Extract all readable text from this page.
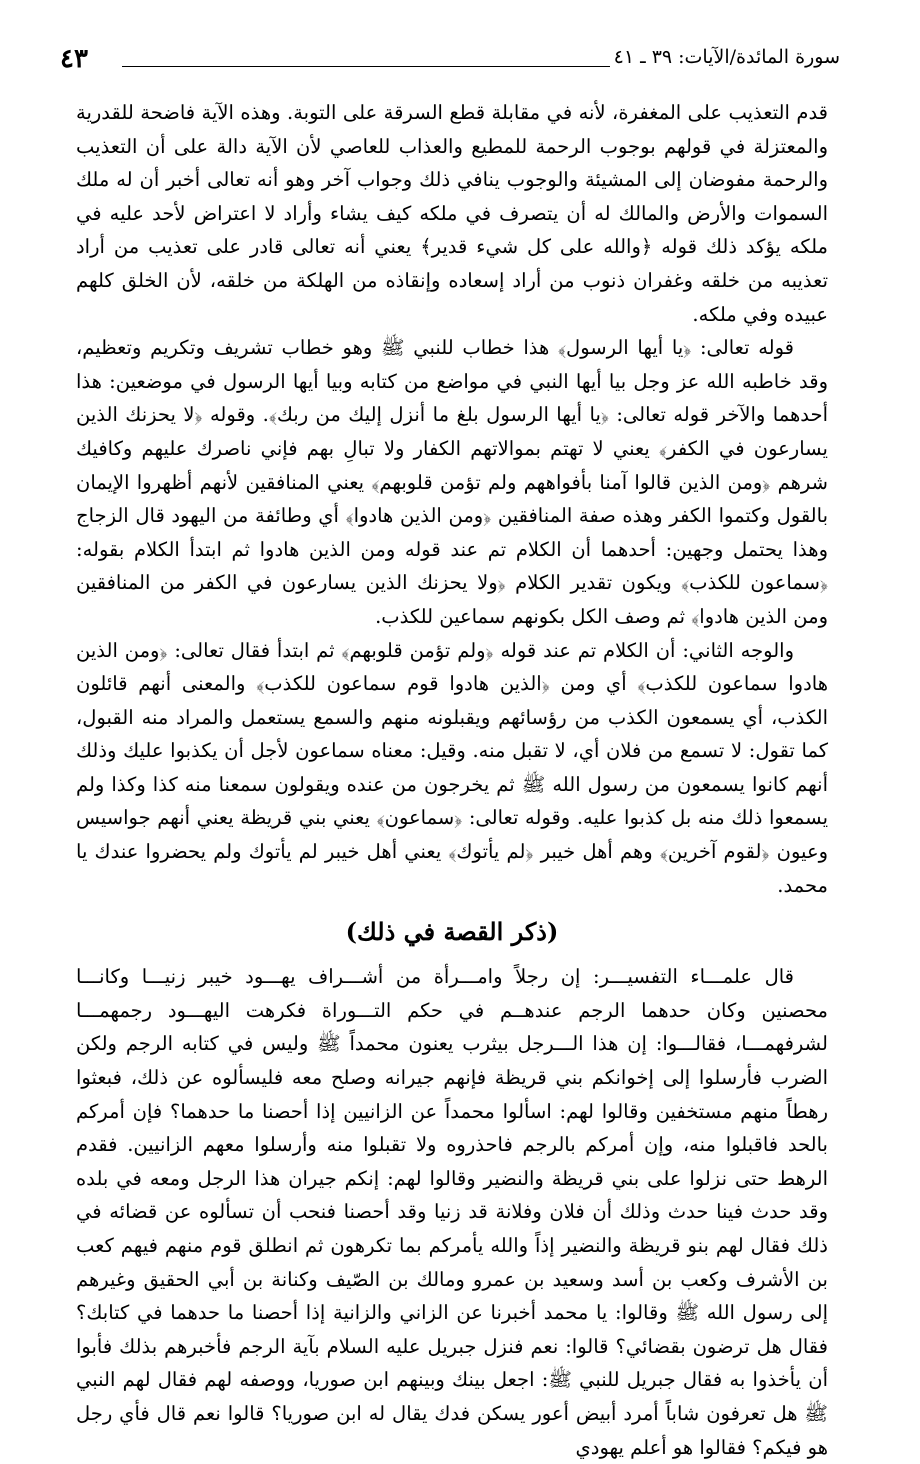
سورة المائدة/الآيات: ٣٩ ـ ٤١
٤٣

قدم التعذيب على المغفرة، لأنه في مقابلة قطع السرقة على التوبة. وهذه الآية فاضحة للقدرية والمعتزلة في قولهم بوجوب الرحمة للمطيع والعذاب للعاصي لأن الآية دالة على أن التعذيب والرحمة مفوضان إلى المشيئة والوجوب ينافي ذلك وجواب آخر وهو أنه تعالى أخبر أن له ملك السموات والأرض والمالك له أن يتصرف في ملكه كيف يشاء وأراد لا اعتراض لأحد عليه في ملكه يؤكد ذلك قوله ﴿والله على كل شيء قدير﴾ يعني أنه تعالى قادر على تعذيب من أراد تعذيبه من خلقه وغفران ذنوب من أراد إسعاده وإنقاذه من الهلكة من خلقه، لأن الخلق كلهم عبيده وفي ملكه.

قوله تعالى: ﴿يا أيها الرسول﴾ هذا خطاب للنبي ﷺ وهو خطاب تشريف وتكريم وتعظيم، وقد خاطبه الله عز وجل بيا أيها النبي في مواضع من كتابه وبيا أيها الرسول في موضعين: هذا أحدهما والآخر قوله تعالى: ﴿يا أيها الرسول بلغ ما أنزل إليك من ربك﴾. وقوله ﴿لا يحزنك الذين يسارعون في الكفر﴾ يعني لا تهتم بموالاتهم الكفار ولا تبالِ بهم فإني ناصرك عليهم وكافيك شرهم ﴿ومن الذين قالوا آمنا بأفواههم ولم تؤمن قلوبهم﴾ يعني المنافقين لأنهم أظهروا الإيمان بالقول وكتموا الكفر وهذه صفة المنافقين ﴿ومن الذين هادوا﴾ أي وطائفة من اليهود قال الزجاج وهذا يحتمل وجهين: أحدهما أن الكلام تم عند قوله ومن الذين هادوا ثم ابتدأ الكلام بقوله: ﴿سماعون للكذب﴾ ويكون تقدير الكلام ﴿ولا يحزنك الذين يسارعون في الكفر من المنافقين ومن الذين هادوا﴾ ثم وصف الكل بكونهم سماعين للكذب.

والوجه الثاني: أن الكلام تم عند قوله ﴿ولم تؤمن قلوبهم﴾ ثم ابتدأ فقال تعالى: ﴿ومن الذين هادوا سماعون للكذب﴾ أي ومن ﴿الذين هادوا قوم سماعون للكذب﴾ والمعنى أنهم قائلون الكذب، أي يسمعون الكذب من رؤسائهم ويقبلونه منهم والسمع يستعمل والمراد منه القبول، كما تقول: لا تسمع من فلان أي، لا تقبل منه. وقيل: معناه سماعون لأجل أن يكذبوا عليك وذلك أنهم كانوا يسمعون من رسول الله ﷺ ثم يخرجون من عنده ويقولون سمعنا منه كذا وكذا ولم يسمعوا ذلك منه بل كذبوا عليه. وقوله تعالى: ﴿سماعون﴾ يعني بني قريظة يعني أنهم جواسيس وعيون ﴿لقوم آخرين﴾ وهم أهل خيبر ﴿لم يأتوك﴾ يعني أهل خيبر لم يأتوك ولم يحضروا عندك يا محمد.

(ذكر القصة في ذلك)

قال علمـــاء التفسيـــر: إن رجلاً وامـــرأة من أشـــراف يهـــود خيبر زنيـــا وكانـــا محصنين وكان حدهما الرجم عندهــم في حكم التـــوراة فكرهت اليهـــود رجمهمـــا لشرفهمـــا، فقالـــوا: إن هذا الـــرجل بيثرب يعنون محمداً ﷺ وليس في كتابه الرجم ولكن الضرب فأرسلوا إلى إخوانكم بني قريظة فإنهم جيرانه وصلح معه فليسألوه عن ذلك، فبعثوا رهطاً منهم مستخفين وقالوا لهم: اسألوا محمداً عن الزانيين إذا أحصنا ما حدهما؟ فإن أمركم بالحد فاقبلوا منه، وإن أمركم بالرجم فاحذروه ولا تقبلوا منه وأرسلوا معهم الزانيين. فقدم الرهط حتى نزلوا على بني قريظة والنضير وقالوا لهم: إنكم جيران هذا الرجل ومعه في بلده وقد حدث فينا حدث وذلك أن فلان وفلانة قد زنيا وقد أحصنا فنحب أن تسألوه عن قضائه في ذلك فقال لهم بنو قريظة والنضير إذاً والله يأمركم بما تكرهون ثم انطلق قوم منهم فيهم كعب بن الأشرف وكعب بن أسد وسعيد بن عمرو ومالك بن الصّيف وكنانة بن أبي الحقيق وغيرهم إلى رسول الله ﷺ وقالوا: يا محمد أخبرنا عن الزاني والزانية إذا أحصنا ما حدهما في كتابك؟ فقال هل ترضون بقضائي؟ قالوا: نعم فنزل جبريل عليه السلام بآية الرجم فأخبرهم بذلك فأبوا أن يأخذوا به فقال جبريل للنبي ﷺ: اجعل بينك وبينهم ابن صوريا، ووصفه لهم فقال لهم النبي ﷺ هل تعرفون شاباً أمرد أبيض أعور يسكن فدك يقال له ابن صوريا؟ قالوا نعم قال فأي رجل هو فيكم؟ فقالوا هو أعلم يهودي
